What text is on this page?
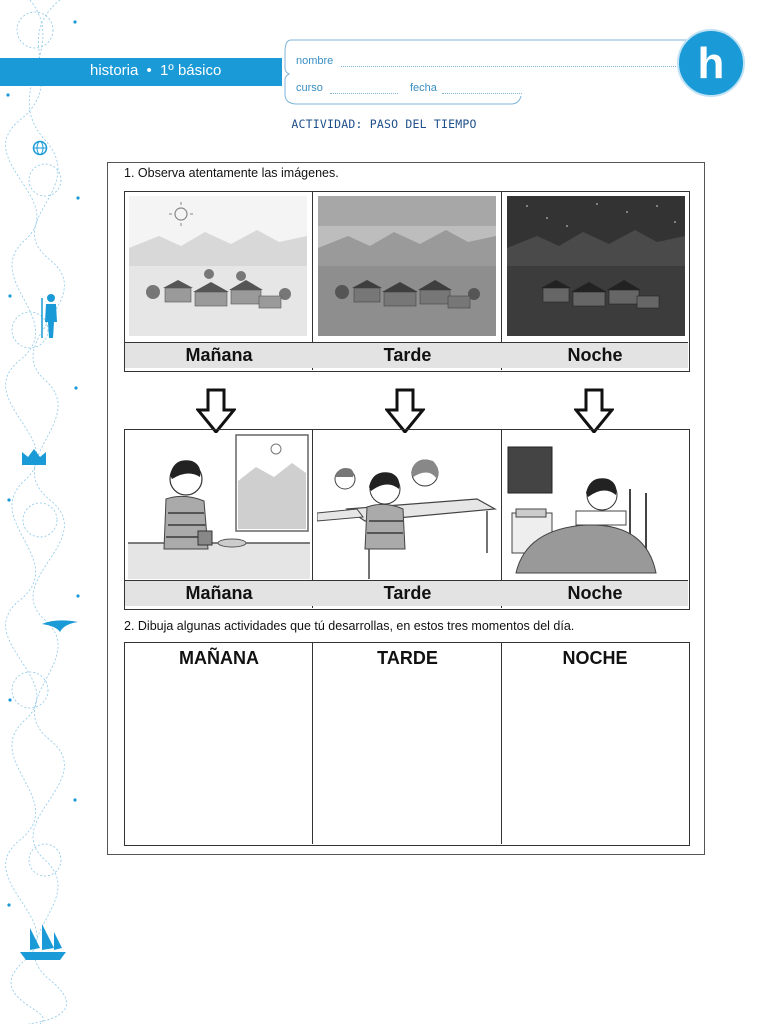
historia • 1º básico
nombre
curso	fecha	h
ACTIVIDAD: PASO DEL TIEMPO
1. Observa atentamente las imágenes.
Mañana	Tarde	Noche
Mañana	Tarde	Noche
2. Dibuja algunas actividades que tú desarrollas, en estos tres momentos del día.
MAÑANA	TARDE	NOCHE
